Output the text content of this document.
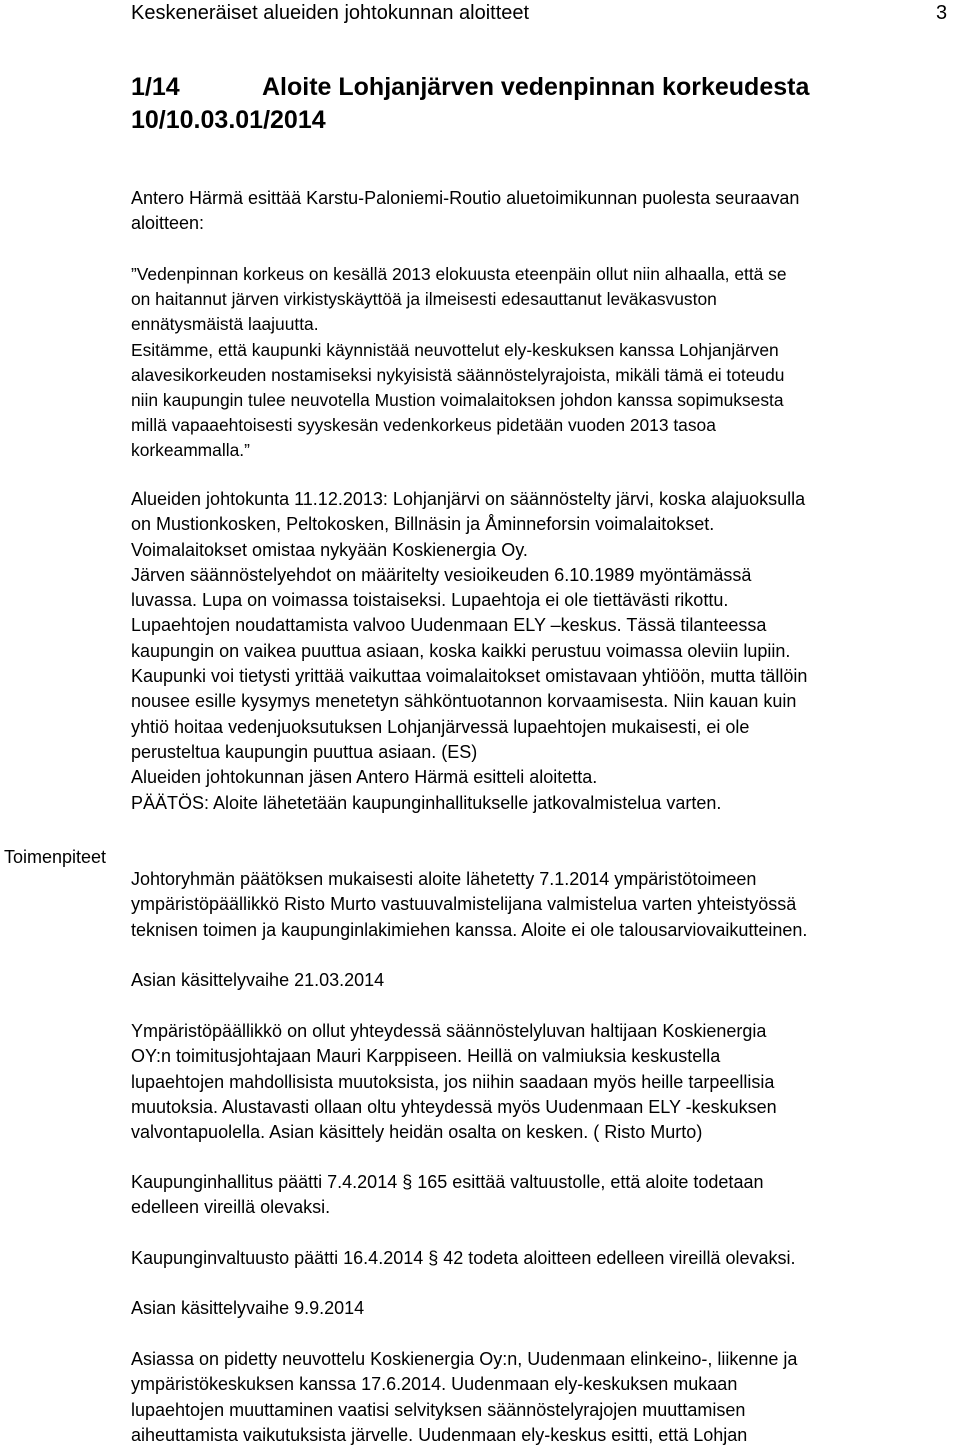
Keskeneräiset alueiden johtokunnan aloitteet	3
1/14	Aloite Lohjanjärven vedenpinnan korkeudesta
10/10.03.01/2014
Toimenpiteet

Antero Härmä esittää Karstu-Paloniemi-Routio aluetoimikunnan puolesta seuraavan

aloitteen:

”Vedenpinnan korkeus on kesällä 2013 elokuusta eteenpäin ollut niin alhaalla, että se

on haitannut järven virkistyskäyttöä ja ilmeisesti edesauttanut leväkasvuston

ennätysmäistä laajuutta.

Esitämme, että kaupunki käynnistää neuvottelut ely-keskuksen kanssa Lohjanjärven

alavesikorkeuden nostamiseksi nykyisistä säännöstelyrajoista, mikäli tämä ei toteudu

niin kaupungin tulee neuvotella Mustion voimalaitoksen johdon kanssa sopimuksesta

millä vapaaehtoisesti syyskesän vedenkorkeus pidetään vuoden 2013 tasoa

korkeammalla.”

Alueiden johtokunta 11.12.2013: Lohjanjärvi on säännöstelty järvi, koska alajuoksulla

on Mustionkosken, Peltokosken, Billnäsin ja Åminneforsin voimalaitokset.

Voimalaitokset omistaa nykyään Koskienergia Oy.

Järven säännöstelyehdot on määritelty vesioikeuden 6.10.1989 myöntämässä

luvassa. Lupa on voimassa toistaiseksi. Lupaehtoja ei ole tiettävästi rikottu.

Lupaehtojen noudattamista valvoo Uudenmaan ELY –keskus. Tässä tilanteessa

kaupungin on vaikea puuttua asiaan, koska kaikki perustuu voimassa oleviin lupiin.

Kaupunki voi tietysti yrittää vaikuttaa voimalaitokset omistavaan yhtiöön, mutta tällöin

nousee esille kysymys menetetyn sähköntuotannon korvaamisesta. Niin kauan kuin

yhtiö hoitaa vedenjuoksutuksen Lohjanjärvessä lupaehtojen mukaisesti, ei ole

perusteltua kaupungin puuttua asiaan. (ES)

Alueiden johtokunnan jäsen Antero Härmä esitteli aloitetta.

PÄÄTÖS: Aloite lähetetään kaupunginhallitukselle jatkovalmistelua varten.

Johtoryhmän päätöksen mukaisesti aloite lähetetty 7.1.2014 ympäristötoimeen

ympäristöpäällikkö Risto Murto vastuuvalmistelijana valmistelua varten yhteistyössä

teknisen toimen ja kaupunginlakimiehen kanssa. Aloite ei ole talousarviovaikutteinen.

Asian käsittelyvaihe 21.03.2014

Ympäristöpäällikkö on ollut yhteydessä säännöstelyluvan haltijaan Koskienergia

OY:n toimitusjohtajaan Mauri Karppiseen. Heillä on valmiuksia keskustella

lupaehtojen mahdollisista muutoksista, jos niihin saadaan myös heille tarpeellisia

muutoksia. Alustavasti ollaan oltu yhteydessä myös Uudenmaan ELY -keskuksen

valvontapuolella. Asian käsittely heidän osalta on kesken. ( Risto Murto)

Kaupunginhallitus päätti 7.4.2014 § 165 esittää valtuustolle, että aloite todetaan

edelleen vireillä olevaksi.

Kaupunginvaltuusto päätti 16.4.2014 § 42 todeta aloitteen edelleen vireillä olevaksi.
Asian käsittelyvaihe 9.9.2014

Asiassa on pidetty neuvottelu Koskienergia Oy:n, Uudenmaan elinkeino-, liikenne ja

ympäristökeskuksen kanssa 17.6.2014. Uudenmaan ely-keskuksen mukaan

lupaehtojen muuttaminen vaatisi selvityksen säännöstelyrajojen muuttamisen

aiheuttamista vaikutuksista järvelle. Uudenmaan ely-keskus esitti, että Lohjan
